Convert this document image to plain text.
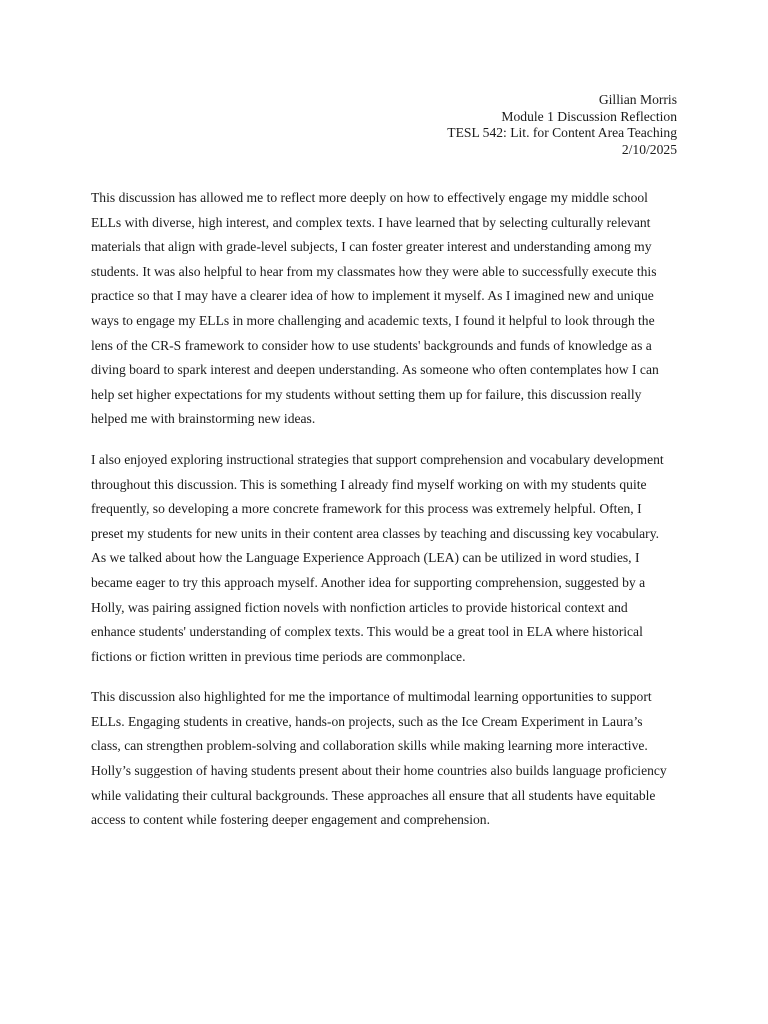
Gillian Morris
Module 1 Discussion Reflection
TESL 542: Lit. for Content Area Teaching
2/10/2025

This discussion has allowed me to reflect more deeply on how to effectively engage my middle school
ELLs with diverse, high interest, and complex texts. I have learned that by selecting culturally relevant
materials that align with grade-level subjects, I can foster greater interest and understanding among my
students. It was also helpful to hear from my classmates how they were able to successfully execute this
practice so that I may have a clearer idea of how to implement it myself. As I imagined new and unique
ways to engage my ELLs in more challenging and academic texts, I found it helpful to look through the
lens of the CR-S framework to consider how to use students' backgrounds and funds of knowledge as a
diving board to spark interest and deepen understanding. As someone who often contemplates how I can
help set higher expectations for my students without setting them up for failure, this discussion really
helped me with brainstorming new ideas.

I also enjoyed exploring instructional strategies that support comprehension and vocabulary development
throughout this discussion. This is something I already find myself working on with my students quite
frequently, so developing a more concrete framework for this process was extremely helpful. Often, I
preset my students for new units in their content area classes by teaching and discussing key vocabulary.
As we talked about how the Language Experience Approach (LEA) can be utilized in word studies, I
became eager to try this approach myself. Another idea for supporting comprehension, suggested by a
Holly, was pairing assigned fiction novels with nonfiction articles to provide historical context and
enhance students' understanding of complex texts. This would be a great tool in ELA where historical
fictions or fiction written in previous time periods are commonplace.

This discussion also highlighted for me the importance of multimodal learning opportunities to support
ELLs. Engaging students in creative, hands-on projects, such as the Ice Cream Experiment in Laura’s
class, can strengthen problem-solving and collaboration skills while making learning more interactive.
Holly’s suggestion of having students present about their home countries also builds language proficiency
while validating their cultural backgrounds. These approaches all ensure that all students have equitable
access to content while fostering deeper engagement and comprehension.
